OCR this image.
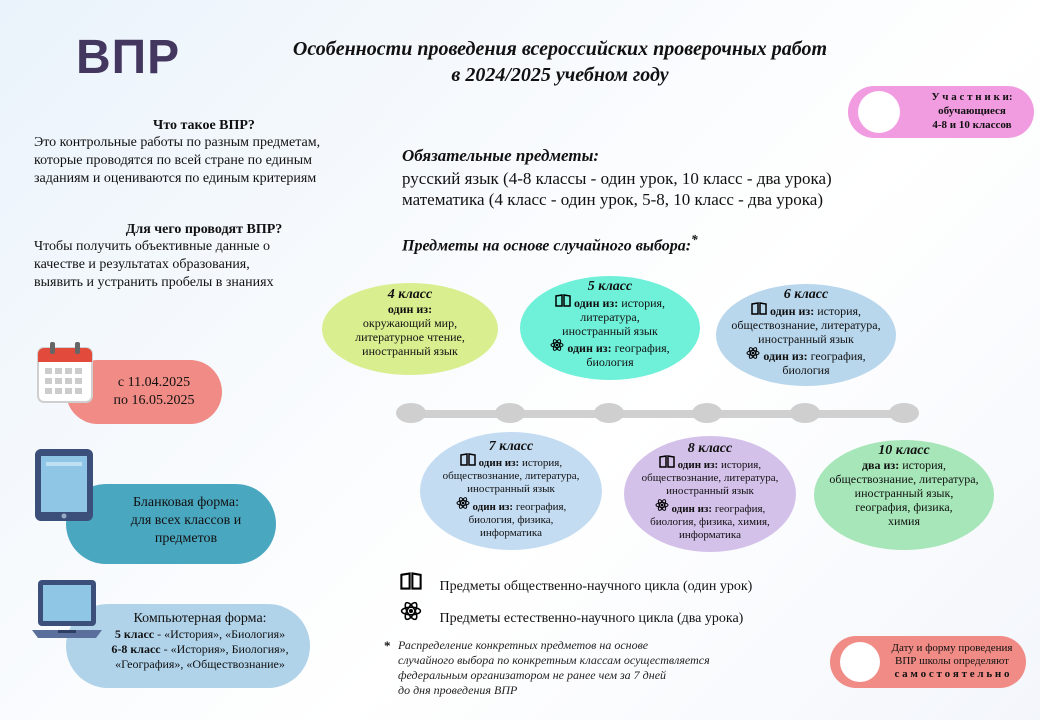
ВПР	Особенности проведения всероссийских проверочных работ
в 2024/2025 учебном году
У ч а с т н и к и:
обучающиеся
4-8 и 10 классов
Что такое ВПР?
Это контрольные работы по разным предметам,
которые проводятся по всей стране по единым
заданиям и оцениваются по единым критериям
Для чего проводят ВПР?
Чтобы получить объективные данные о
качестве и результатах образования,
выявить и устранить пробелы в знаниях
Обязательные предметы:
русский язык (4-8 классы - один урок, 10 класс - два урока)
математика (4 класс - один урок, 5-8, 10 класс - два урока)
Предметы на основе случайного выбора:*
4 класс
один из:
окружающий мир,
литературное чтение,
иностранный язык
5 класс
один из: история,
литература,
иностранный язык
один из: география,
биология
6 класс
один из: история,
обществознание, литература,
иностранный язык
один из: география,
биология
7 класс
один из: история,
обществознание, литература,
иностранный язык
один из: география,
биология, физика,
информатика
8 класс
один из: история,
обществознание, литература,
иностранный язык
один из: география,
биология, физика, химия,
информатика
10 класс
два из: история,
обществознание, литература,
иностранный язык,
география, физика,
химия
Предметы общественно-научного цикла (один урок)
Предметы естественно-научного цикла (два урока)
* Распределение конкретных предметов на основе
случайного выбора по конкретным классам осуществляется
федеральным организатором не ранее чем за 7 дней
до дня проведения ВПР
с 11.04.2025
по 16.05.2025
Бланковая форма:
для всех классов и
предметов
Компьютерная форма:
5 класс - «История», «Биология»
6-8 класс - «История», Биология»,
«География», «Обществознание»
Дату и форму проведения
ВПР школы определяют
с а м о с т о я т е л ь н о
